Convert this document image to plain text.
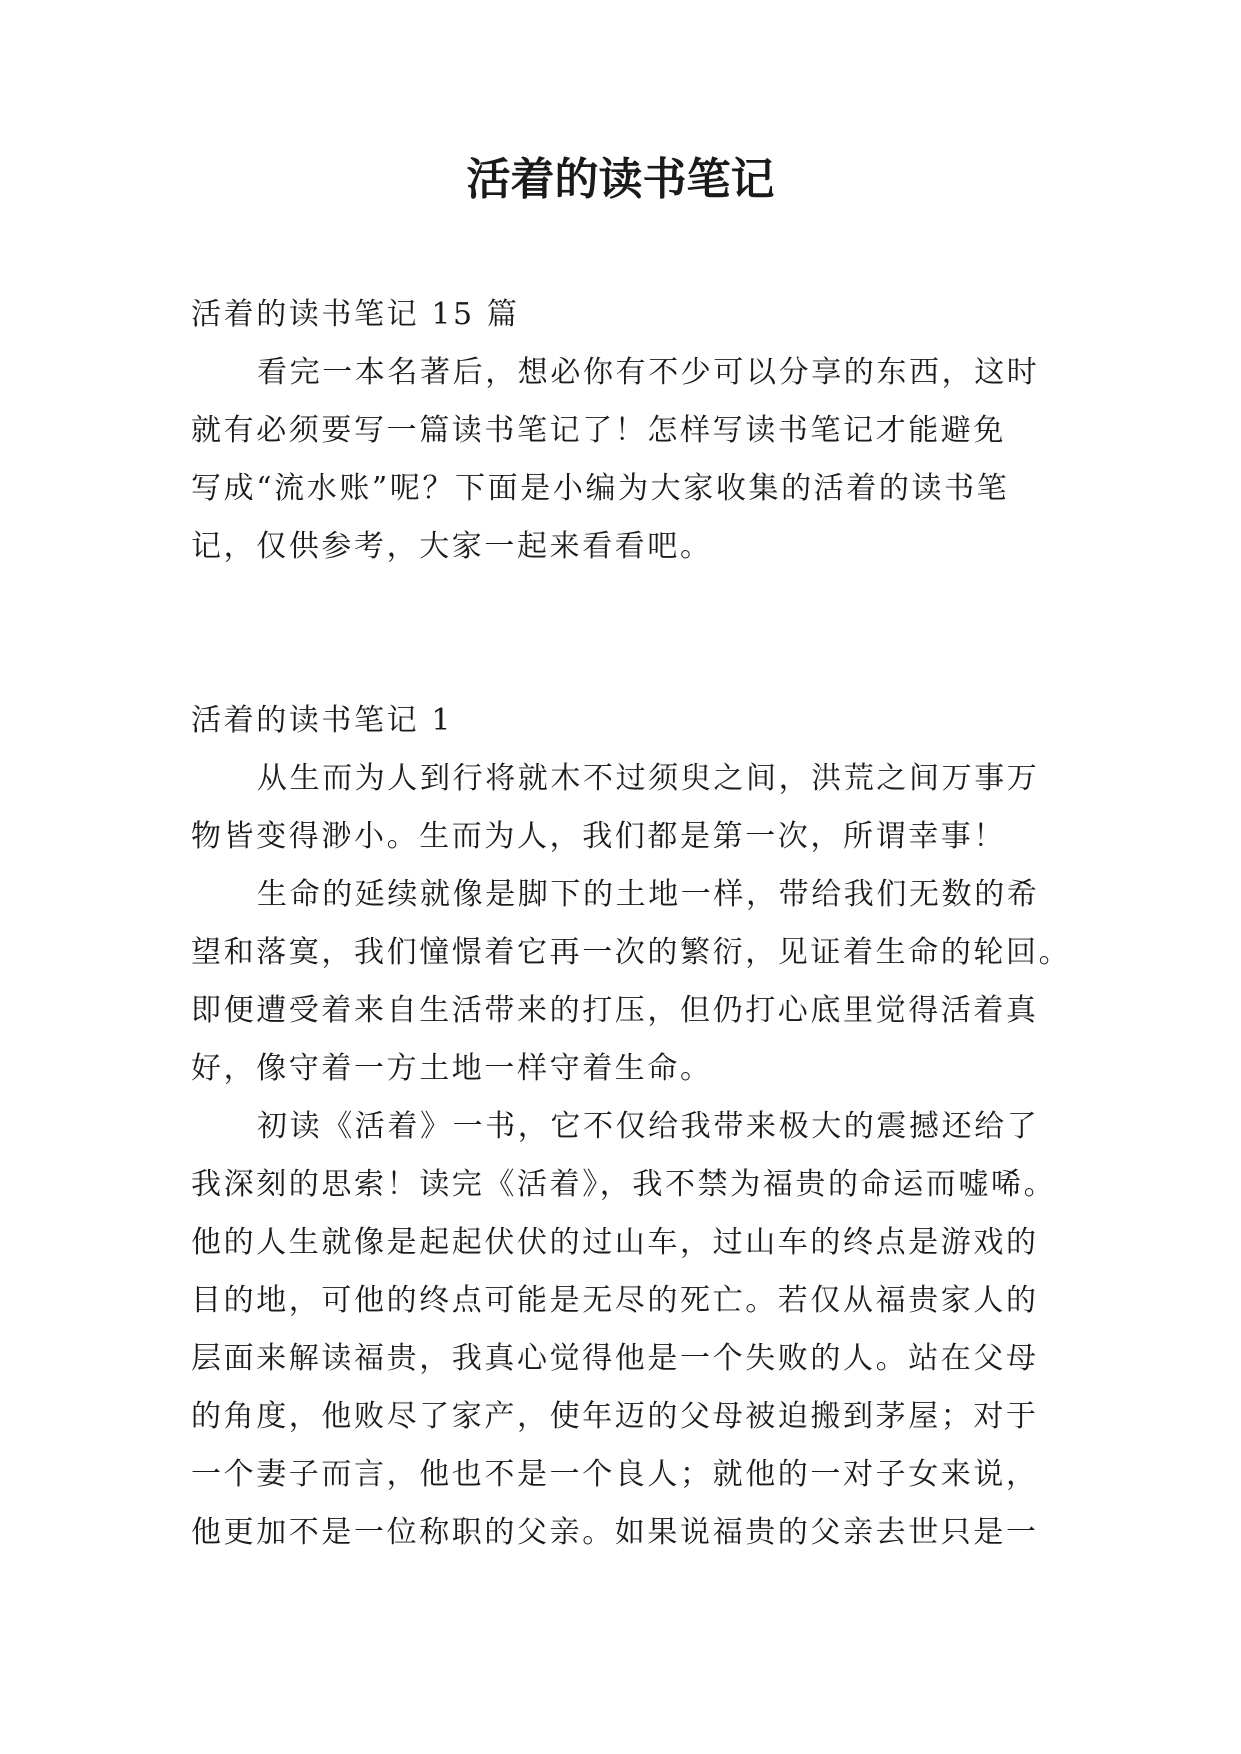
活着的读书笔记

活着的读书笔记 15 篇

看完一本名著后，想必你有不少可以分享的东西，这时

就有必须要写一篇读书笔记了！怎样写读书笔记才能避免

写成“流水账”呢？下面是小编为大家收集的活着的读书笔

记，仅供参考，大家一起来看看吧。

活着的读书笔记 1

从生而为人到行将就木不过须臾之间，洪荒之间万事万

物皆变得渺小。生而为人，我们都是第一次，所谓幸事！

生命的延续就像是脚下的土地一样，带给我们无数的希

望和落寞，我们憧憬着它再一次的繁衍，见证着生命的轮回。

即便遭受着来自生活带来的打压，但仍打心底里觉得活着真

好，像守着一方土地一样守着生命。

初读《活着》一书，它不仅给我带来极大的震撼还给了

我深刻的思索！读完《活着》，我不禁为福贵的命运而嘘唏。

他的人生就像是起起伏伏的过山车，过山车的终点是游戏的

目的地，可他的终点可能是无尽的死亡。若仅从福贵家人的

层面来解读福贵，我真心觉得他是一个失败的人。站在父母

的角度，他败尽了家产，使年迈的父母被迫搬到茅屋；对于

一个妻子而言，他也不是一个良人；就他的一对子女来说，

他更加不是一位称职的父亲。如果说福贵的父亲去世只是一
